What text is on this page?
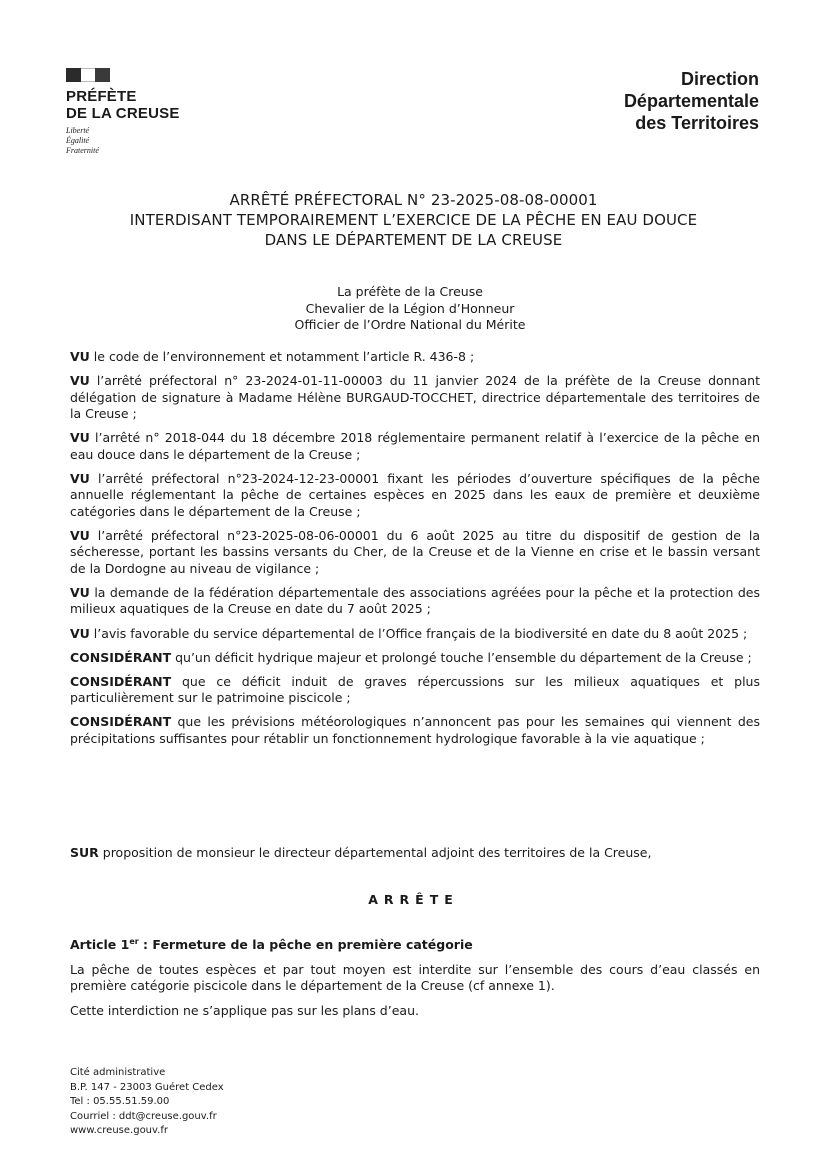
PRÉFÈTE
DE LA CREUSE
Liberté
Égalité
Fraternité
Direction
Départementale
des Territoires
ARRÊTÉ PRÉFECTORAL N° 23-2025-08-08-00001
INTERDISANT TEMPORAIREMENT L’EXERCICE DE LA PÊCHE EN EAU DOUCE
DANS LE DÉPARTEMENT DE LA CREUSE
La préfète de la Creuse
Chevalier de la Légion d’Honneur
Officier de l’Ordre National du Mérite

VU le code de l’environnement et notamment l’article R. 436-8 ;

VU l’arrêté préfectoral n° 23-2024-01-11-00003 du 11 janvier 2024 de la préfète de la Creuse donnant délégation de signature à Madame Hélène BURGAUD-TOCCHET, directrice départementale des territoires de la Creuse ;

VU l’arrêté n° 2018-044 du 18 décembre 2018 réglementaire permanent relatif à l’exercice de la pêche en eau douce dans le département de la Creuse ;

VU l’arrêté préfectoral n°23-2024-12-23-00001 fixant les périodes d’ouverture spécifiques de la pêche annuelle réglementant la pêche de certaines espèces en 2025 dans les eaux de première et deuxième catégories dans le département de la Creuse ;

VU l’arrêté préfectoral n°23-2025-08-06-00001 du 6 août 2025 au titre du dispositif de gestion de la sécheresse, portant les bassins versants du Cher, de la Creuse et de la Vienne en crise et le bassin versant de la Dordogne au niveau de vigilance ;

VU la demande de la fédération départementale des associations agréées pour la pêche et la protection des milieux aquatiques de la Creuse en date du 7 août 2025 ;

VU l’avis favorable du service départemental de l’Office français de la biodiversité en date du 8 août 2025 ;

CONSIDÉRANT qu’un déficit hydrique majeur et prolongé touche l’ensemble du département de la Creuse ;

CONSIDÉRANT que ce déficit induit de graves répercussions sur les milieux aquatiques et plus particulièrement sur le patrimoine piscicole ;

CONSIDÉRANT que les prévisions météorologiques n’annoncent pas pour les semaines qui viennent des précipitations suffisantes pour rétablir un fonctionnement hydrologique favorable à la vie aquatique ;

SUR proposition de monsieur le directeur départemental adjoint des territoires de la Creuse,
ARRÊTE
Article 1er : Fermeture de la pêche en première catégorie

La pêche de toutes espèces et par tout moyen est interdite sur l’ensemble des cours d’eau classés en première catégorie piscicole dans le département de la Creuse (cf annexe 1).

Cette interdiction ne s’applique pas sur les plans d’eau.

Cité administrative
B.P. 147 - 23003 Guéret Cedex
Tel : 05.55.51.59.00
Courriel : ddt@creuse.gouv.fr
www.creuse.gouv.fr
